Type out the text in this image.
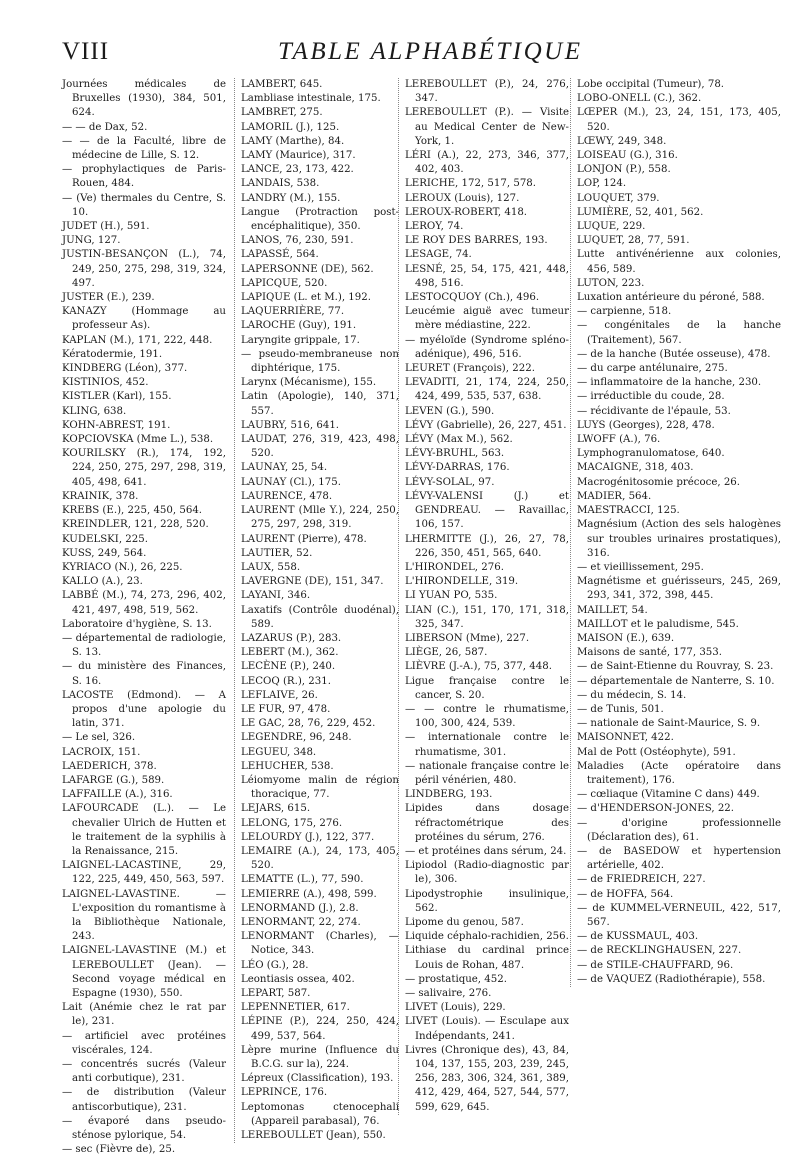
VIII	TABLE ALPHABÉTIQUE

Journées médicales de Bruxelles (1930), 384, 501, 624.

— — de Dax, 52.

— — de la Faculté, libre de médecine de Lille, S. 12.

— prophylactiques de Paris-Rouen, 484.

— (Ve) thermales du Centre, S. 10.

JUDET (H.), 591.

JUNG, 127.

JUSTIN-BESANÇON (L.), 74, 249, 250, 275, 298, 319, 324, 497.

JUSTER (E.), 239.

KANAZY (Hommage au professeur As).

KAPLAN (M.), 171, 222, 448.

Kératodermie, 191.

KINDBERG (Léon), 377.

KISTINIOS, 452.

KISTLER (Karl), 155.

KLING, 638.

KOHN-ABREST, 191.

KOPCIOVSKA (Mme L.), 538.

KOURILSKY (R.), 174, 192, 224, 250, 275, 297, 298, 319, 405, 498, 641.

KRAINIK, 378.

KREBS (E.), 225, 450, 564.

KREINDLER, 121, 228, 520.

KUDELSKI, 225.

KUSS, 249, 564.

KYRIACO (N.), 26, 225.

KALLO (A.), 23.

LABBÉ (M.), 74, 273, 296, 402, 421, 497, 498, 519, 562.

Laboratoire d'hygiène, S. 13.

— départemental de radiologie, S. 13.

— du ministère des Finances, S. 16.

LACOSTE (Edmond). — A propos d'une apologie du latin, 371.

— Le sel, 326.

LACROIX, 151.

LAEDERICH, 378.

LAFARGE (G.), 589.

LAFFAILLE (A.), 316.

LAFOURCADE (L.). — Le chevalier Ulrich de Hutten et le traitement de la syphilis à la Renaissance, 215.

LAIGNEL-LACASTINE, 29, 122, 225, 449, 450, 563, 597.

LAIGNEL-LAVASTINE. — L'exposition du romantisme à la Bibliothèque Nationale, 243.

LAIGNEL-LAVASTINE (M.) et LEREBOULLET (Jean). — Second voyage médical en Espagne (1930), 550.

Lait (Anémie chez le rat par le), 231.

— artificiel avec protéines viscérales, 124.

— concentrés sucrés (Valeur anti corbutique), 231.

— de distribution (Valeur antiscorbutique), 231.

— évaporé dans pseudo-sténose pylorique, 54.

— sec (Fièvre de), 25.

LAMBERT, 645.

Lambliase intestinale, 175.

LAMBRET, 275.

LAMORIL (J.), 125.

LAMY (Marthe), 84.

LAMY (Maurice), 317.

LANCE, 23, 173, 422.

LANDAIS, 538.

LANDRY (M.), 155.

Langue (Protraction post-encéphalitique), 350.

LANOS, 76, 230, 591.

LAPASSÉ, 564.

LAPERSONNE (DE), 562.

LAPICQUE, 520.

LAPIQUE (L. et M.), 192.

LAQUERRIÈRE, 77.

LAROCHE (Guy), 191.

Laryngite grippale, 17.

— pseudo-membraneuse non diphtérique, 175.

Larynx (Mécanisme), 155.

Latin (Apologie), 140, 371, 557.

LAUBRY, 516, 641.

LAUDAT, 276, 319, 423, 498, 520.

LAUNAY, 25, 54.

LAUNAY (Cl.), 175.

LAURENCE, 478.

LAURENT (Mlle Y.), 224, 250, 275, 297, 298, 319.

LAURENT (Pierre), 478.

LAUTIER, 52.

LAUX, 558.

LAVERGNE (DE), 151, 347.

LAYANI, 346.

Laxatifs (Contrôle duodénal), 589.

LAZARUS (P.), 283.

LEBERT (M.), 362.

LECÈNE (P.), 240.

LECOQ (R.), 231.

LEFLAIVE, 26.

LE FUR, 97, 478.

LE GAC, 28, 76, 229, 452.

LEGENDRE, 96, 248.

LEGUEU, 348.

LEHUCHER, 538.

Léiomyome malin de région thoracique, 77.

LEJARS, 615.

LELONG, 175, 276.

LELOURDY (J.), 122, 377.

LEMAIRE (A.), 24, 173, 405, 520.

LEMATTE (L.), 77, 590.

LEMIERRE (A.), 498, 599.

LENORMAND (J.), 2.8.

LENORMANT, 22, 274.

LENORMANT (Charles), — Notice, 343.

LÉO (G.), 28.

Leontiasis ossea, 402.

LEPART, 587.

LEPENNETIER, 617.

LÉPINE (P.), 224, 250, 424, 499, 537, 564.

Lèpre murine (Influence du B.C.G. sur la), 224.

Lépreux (Classification), 193.

LEPRINCE, 176.

Leptomonas ctenocephali (Appareil parabasal), 76.

LEREBOULLET (Jean), 550.

LEREBOULLET (P.), 24, 276, 347.

LEREBOULLET (P.). — Visite au Medical Center de New-York, 1.

LÉRI (A.), 22, 273, 346, 377, 402, 403.

LERICHE, 172, 517, 578.

LEROUX (Louis), 127.

LEROUX-ROBERT, 418.

LEROY, 74.

LE ROY DES BARRES, 193.

LESAGE, 74.

LESNÉ, 25, 54, 175, 421, 448, 498, 516.

LESTOCQUOY (Ch.), 496.

Leucémie aiguë avec tumeur mère médiastine, 222.

— myéloïde (Syndrome splénо-adénique), 496, 516.

LEURET (François), 222.

LEVADITI, 21, 174, 224, 250, 424, 499, 535, 537, 638.

LEVEN (G.), 590.

LÉVY (Gabrielle), 26, 227, 451.

LÉVY (Max M.), 562.

LÉVY-BRUHL, 563.

LÉVY-DARRAS, 176.

LÉVY-SOLAL, 97.

LÉVY-VALENSI (J.) et GENDREAU. — Ravaillac, 106, 157.

LHERMITTE (J.), 26, 27, 78, 226, 350, 451, 565, 640.

L'HIRONDEL, 276.

L'HIRONDELLE, 319.

LI YUAN PO, 535.

LIAN (C.), 151, 170, 171, 318, 325, 347.

LIBERSON (Mme), 227.

LIÈGE, 26, 587.

LIÈVRE (J.-A.), 75, 377, 448.

Ligue française contre le cancer, S. 20.

— — contre le rhumatisme, 100, 300, 424, 539.

— internationale contre le rhumatisme, 301.

— nationale française contre le péril vénérien, 480.

LINDBERG, 193.

Lipides dans dosage réfractométrique des protéines du sérum, 276.

— et protéines dans sérum, 24.

Lipiodol (Radio-diagnostic par le), 306.

Lipodystrophie insulinique, 562.

Lipome du genou, 587.

Liquide céphalo-rachidien, 256.

Lithiase du cardinal prince Louis de Rohan, 487.

— prostatique, 452.

— salivaire, 276.

LIVET (Louis), 229.

LIVET (Louis). — Esculape aux Indépendants, 241.

Livres (Chronique des), 43, 84, 104, 137, 155, 203, 239, 245, 256, 283, 306, 324, 361, 389, 412, 429, 464, 527, 544, 577, 599, 629, 645.

Lobe occipital (Tumeur), 78.

LOBO-ONELL (C.), 362.

LŒPER (M.), 23, 24, 151, 173, 405, 520.

LŒWY, 249, 348.

LOISEAU (G.), 316.

LONJON (P.), 558.

LOP, 124.

LOUQUET, 379.

LUMIÈRE, 52, 401, 562.

LUQUE, 229.

LUQUET, 28, 77, 591.

Lutte antivénérienne aux colonies, 456, 589.

LUTON, 223.

Luxation antérieure du péroné, 588.

— carpienne, 518.

— congénitales de la hanche (Traitement), 567.

— de la hanche (Butée osseuse), 478.

— du carpe antélunaire, 275.

— inflammatoire de la hanche, 230.

— irréductible du coude, 28.

— récidivante de l'épaule, 53.

LUYS (Georges), 228, 478.

LWOFF (A.), 76.

Lymphogranulomatose, 640.

MACAIGNE, 318, 403.

Macrogénitosomie précoce, 26.

MADIER, 564.

MAESTRACCI, 125.

Magnésium (Action des sels halogènes sur troubles urinaires prostatiques), 316.

— et vieillissement, 295.

Magnétisme et guérisseurs, 245, 269, 293, 341, 372, 398, 445.

MAILLET, 54.

MAILLOT et le paludisme, 545.

MAISON (E.), 639.

Maisons de santé, 177, 353.

— de Saint-Etienne du Rouvray, S. 23.

— départementale de Nanterre, S. 10.

— du médecin, S. 14.

— de Tunis, 501.

— nationale de Saint-Maurice, S. 9.

MAISONNET, 422.

Mal de Pott (Ostéophyte), 591.

Maladies (Acte opératoire dans traitement), 176.

— cœliaque (Vitamine C dans) 449.

— d'HENDERSON-JONES, 22.

— d'origine professionnelle (Déclaration des), 61.

— de BASEDOW et hypertension artérielle, 402.

— de FRIEDREICH, 227.

— de HOFFA, 564.

— de KUMMEL-VERNEUIL, 422, 517, 567.

— de KUSSMAUL, 403.

— de RECKLINGHAUSEN, 227.

— de STILE-CHAUFFARD, 96.

— de VAQUEZ (Radiothérapie), 558.
